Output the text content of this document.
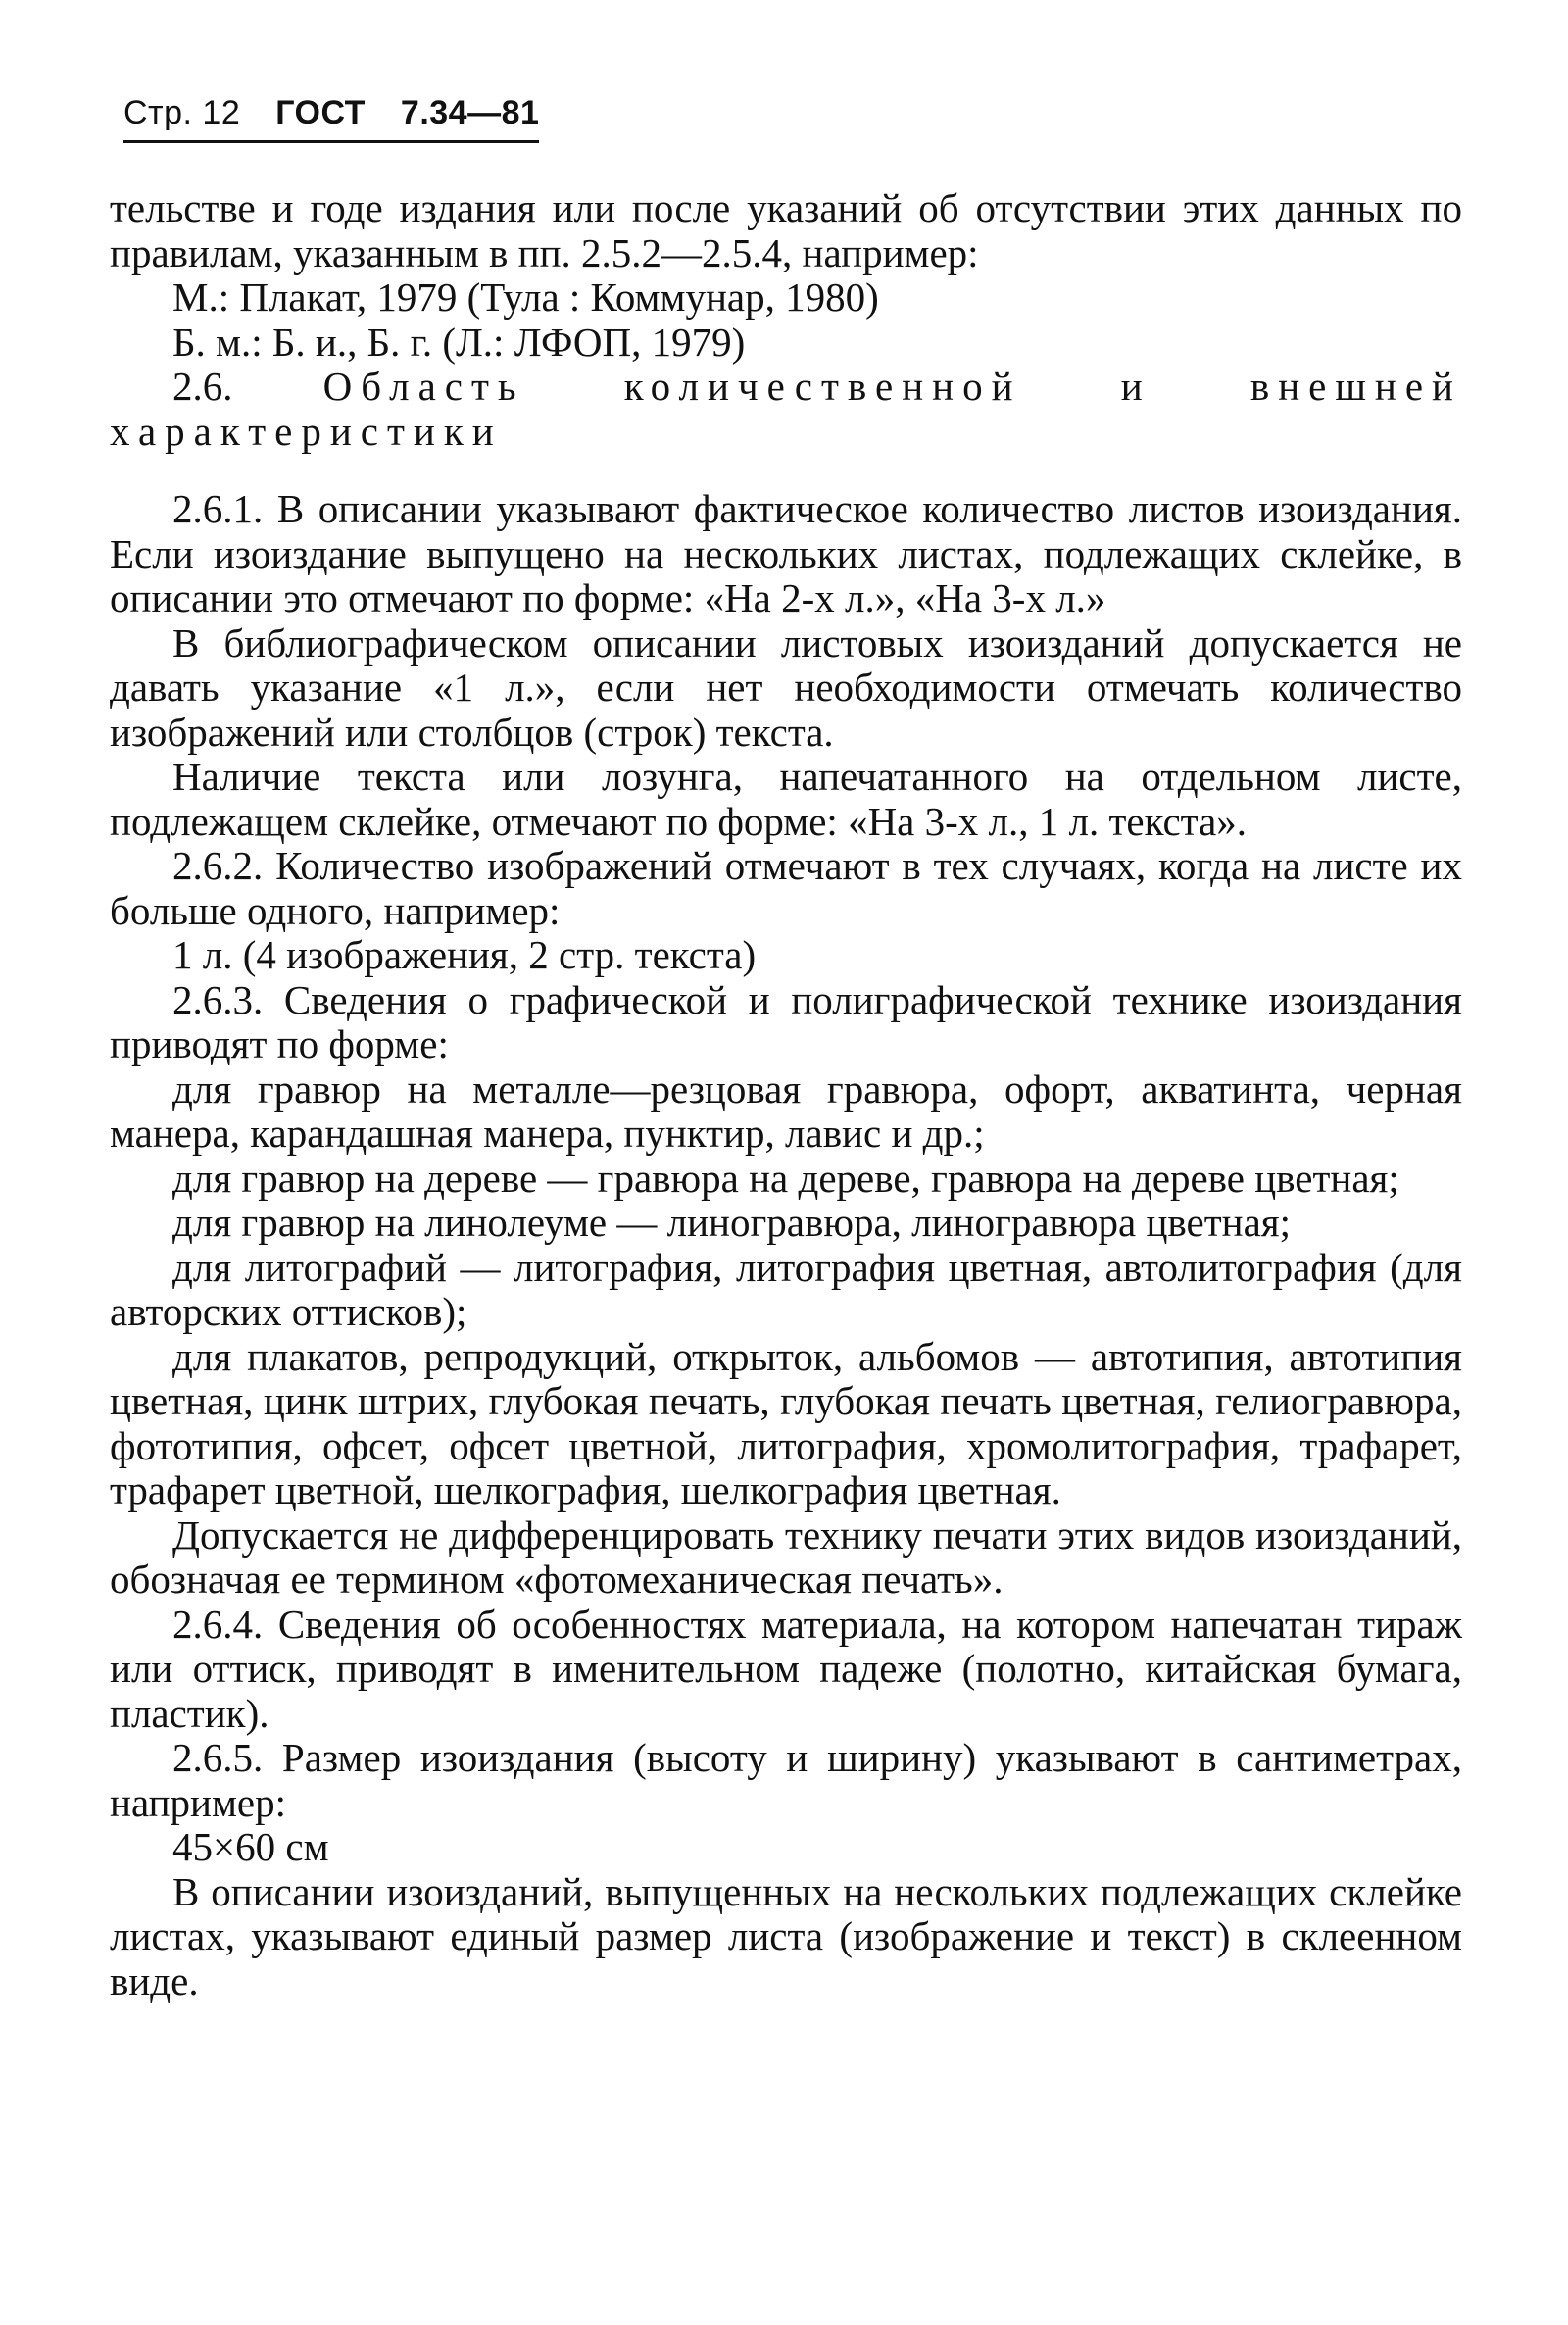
Стр. 12 ГОСТ 7.34—81

тельстве и годе издания или после указаний об отсутствии этих данных по правилам, указанным в пп. 2.5.2—2.5.4, например:

М.: Плакат, 1979 (Тула : Коммунар, 1980)

Б. м.: Б. и., Б. г. (Л.: ЛФОП, 1979)

2.6. Область количественной и внешней характеристики

2.6.1. В описании указывают фактическое количество листов изоиздания. Если изоиздание выпущено на нескольких листах, подлежащих склейке, в описании это отмечают по форме: «На 2-х л.», «На 3-х л.»

В библиографическом описании листовых изоизданий допускается не давать указание «1 л.», если нет необходимости отмечать количество изображений или столбцов (строк) текста.

Наличие текста или лозунга, напечатанного на отдельном листе, подлежащем склейке, отмечают по форме: «На 3-х л., 1 л. текста».

2.6.2. Количество изображений отмечают в тех случаях, когда на листе их больше одного, например:

1 л. (4 изображения, 2 стр. текста)

2.6.3. Сведения о графической и полиграфической технике изоиздания приводят по форме:

для гравюр на металле—резцовая гравюра, офорт, акватинта, черная манера, карандашная манера, пунктир, лавис и др.;

для гравюр на дереве — гравюра на дереве, гравюра на дереве цветная;

для гравюр на линолеуме — линогравюра, линогравюра цветная;

для литографий — литография, литография цветная, автолитография (для авторских оттисков);

для плакатов, репродукций, открыток, альбомов — автотипия, автотипия цветная, цинк штрих, глубокая печать, глубокая печать цветная, гелиогравюра, фототипия, офсет, офсет цветной, литография, хромолитография, трафарет, трафарет цветной, шелкография, шелкография цветная.

Допускается не дифференцировать технику печати этих видов изоизданий, обозначая ее термином «фотомеханическая печать».

2.6.4. Сведения об особенностях материала, на котором напечатан тираж или оттиск, приводят в именительном падеже (полотно, китайская бумага, пластик).

2.6.5. Размер изоиздания (высоту и ширину) указывают в сантиметрах, например:

45×60 см

В описании изоизданий, выпущенных на нескольких подлежащих склейке листах, указывают единый размер листа (изображение и текст) в склеенном виде.
